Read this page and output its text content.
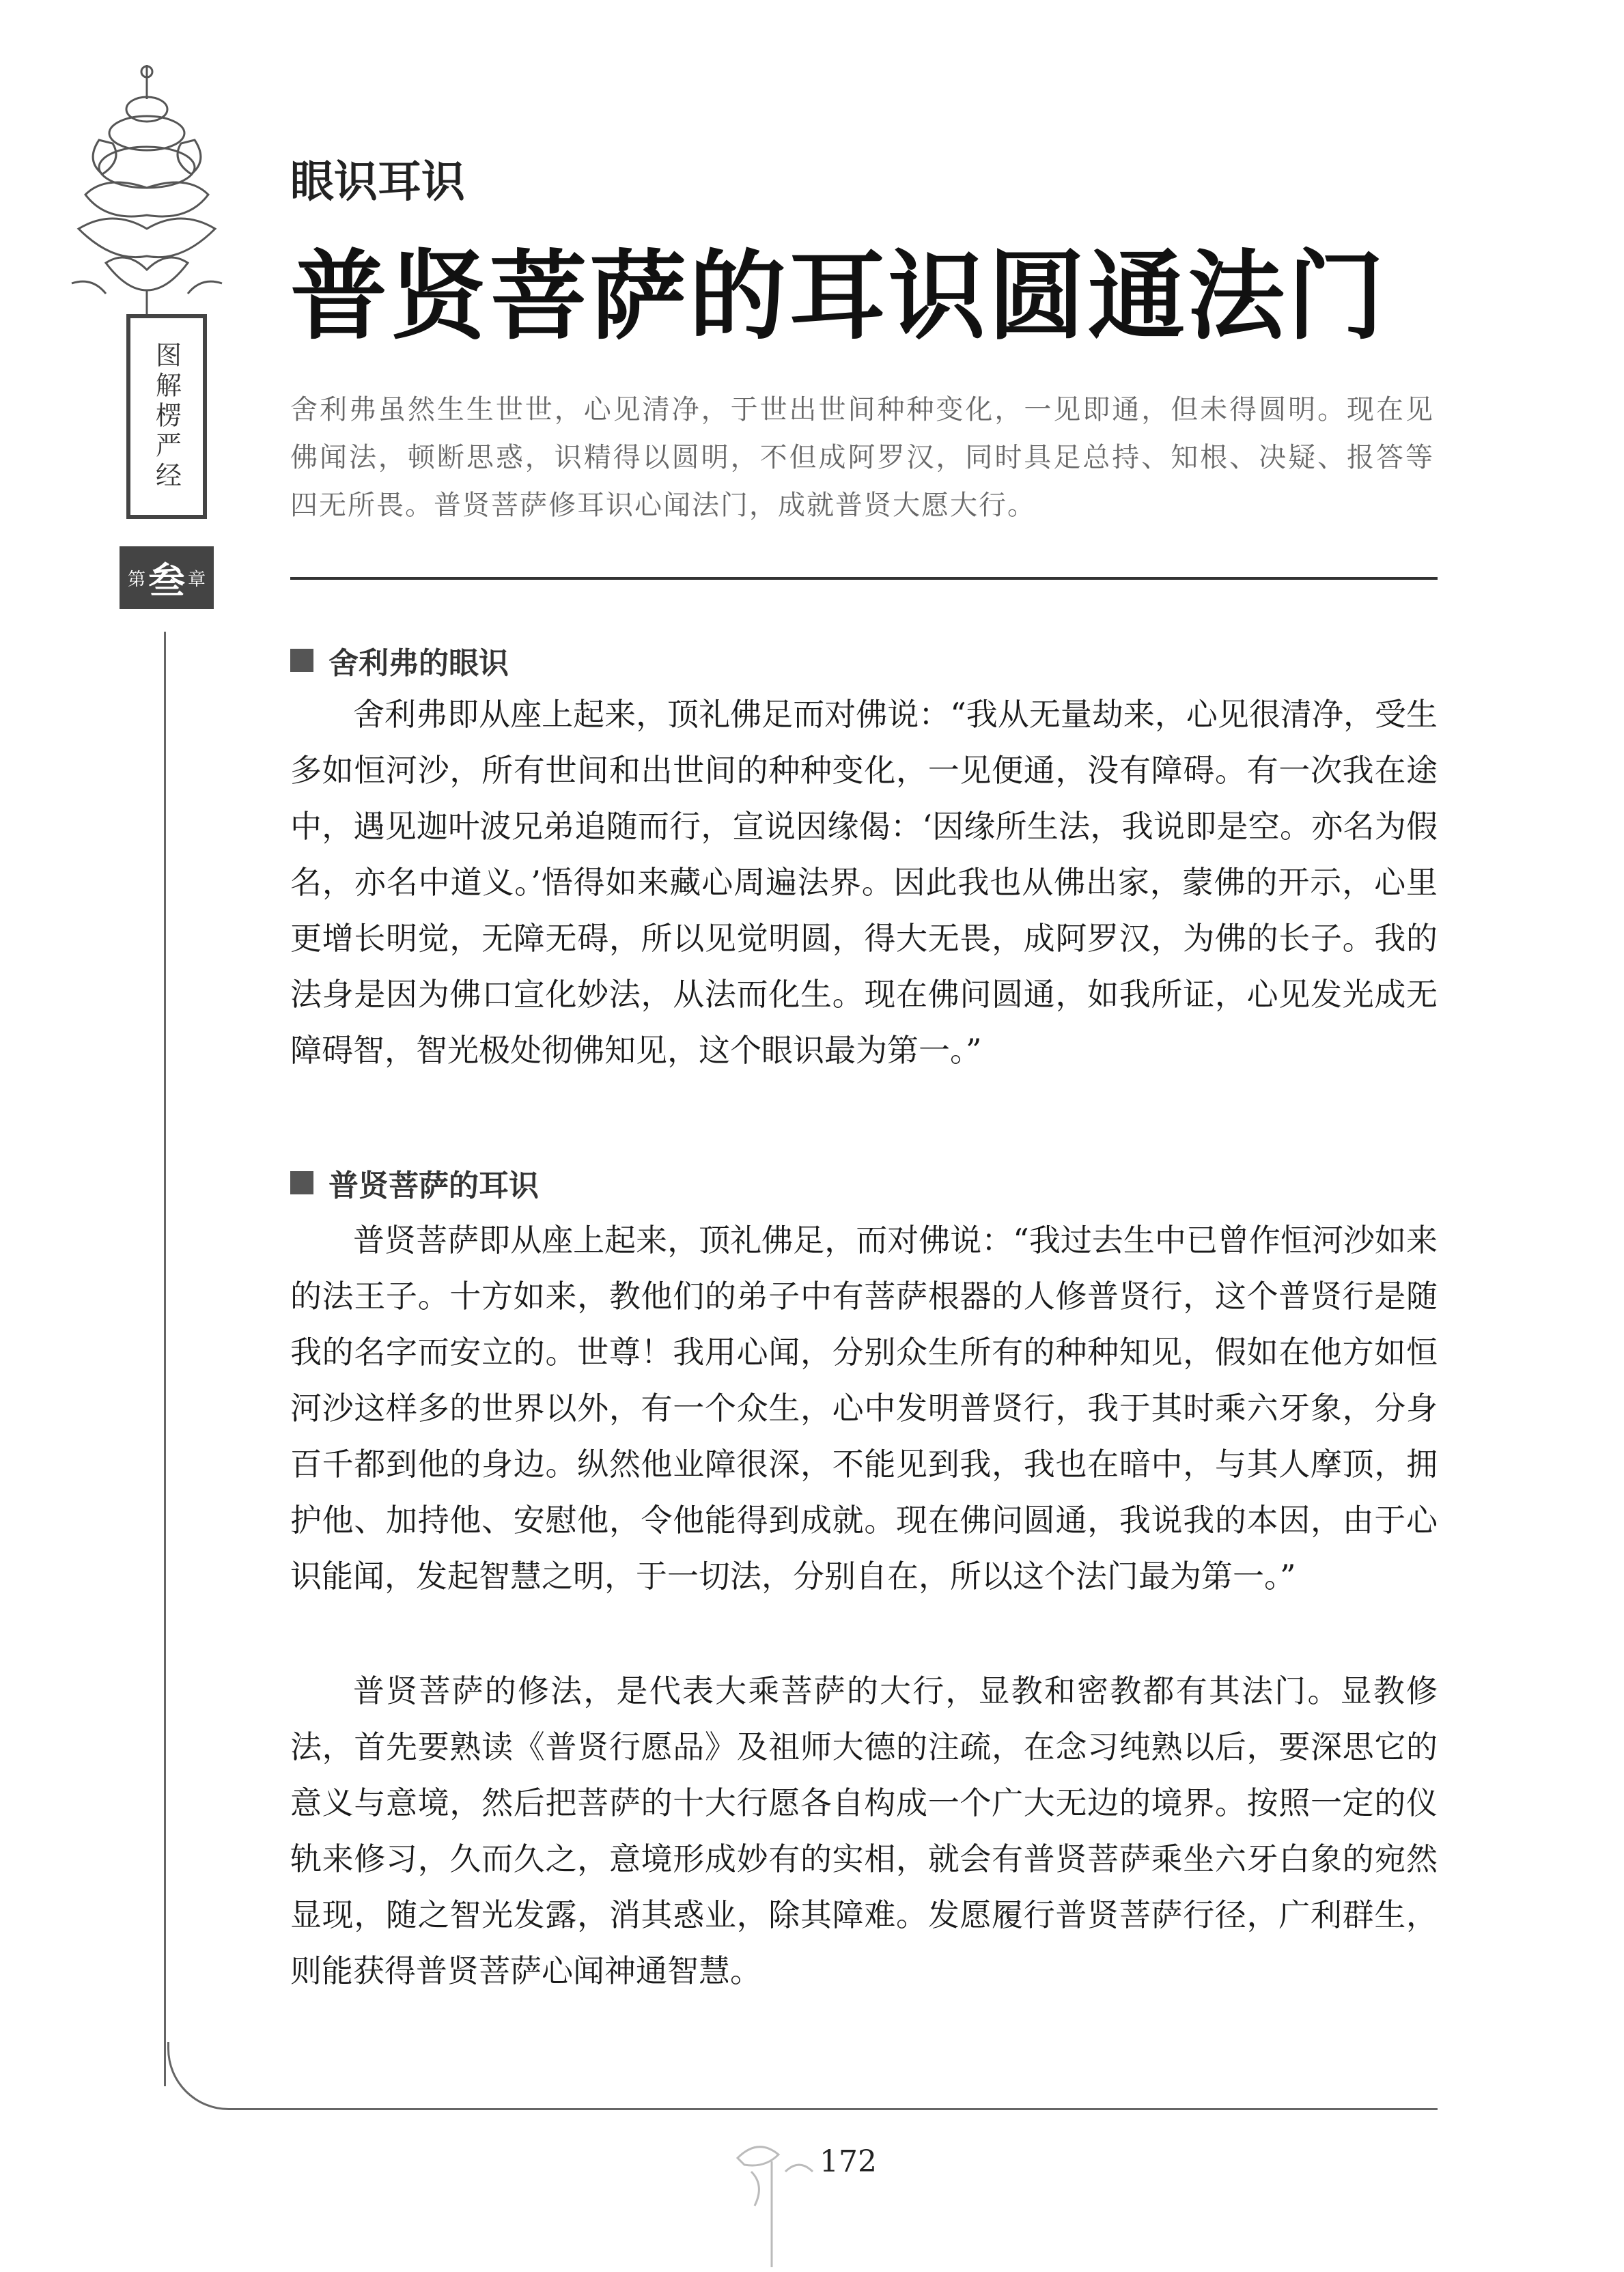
图解楞严经
第 叁 章
眼识耳识
普贤菩萨的耳识圆通法门
舍利弗虽然生生世世，心见清净，于世出世间种种变化，一见即通，但未得圆明。现在见佛闻法，顿断思惑，识精得以圆明，不但成阿罗汉，同时具足总持、知根、决疑、报答等四无所畏。普贤菩萨修耳识心闻法门，成就普贤大愿大行。
舍利弗的眼识
舍利弗即从座上起来，顶礼佛足而对佛说：“我从无量劫来，心见很清净，受生多如恒河沙，所有世间和出世间的种种变化，一见便通，没有障碍。有一次我在途中，遇见迦叶波兄弟追随而行，宣说因缘偈：‘因缘所生法，我说即是空。亦名为假名，亦名中道义。’悟得如来藏心周遍法界。因此我也从佛出家，蒙佛的开示，心里更增长明觉，无障无碍，所以见觉明圆，得大无畏，成阿罗汉，为佛的长子。我的法身是因为佛口宣化妙法，从法而化生。现在佛问圆通，如我所证，心见发光成无障碍智，智光极处彻佛知见，这个眼识最为第一。”
普贤菩萨的耳识
普贤菩萨即从座上起来，顶礼佛足，而对佛说：“我过去生中已曾作恒河沙如来的法王子。十方如来，教他们的弟子中有菩萨根器的人修普贤行，这个普贤行是随我的名字而安立的。世尊！我用心闻，分别众生所有的种种知见，假如在他方如恒河沙这样多的世界以外，有一个众生，心中发明普贤行，我于其时乘六牙象，分身百千都到他的身边。纵然他业障很深，不能见到我，我也在暗中，与其人摩顶，拥护他、加持他、安慰他，令他能得到成就。现在佛问圆通，我说我的本因，由于心识能闻，发起智慧之明，于一切法，分别自在，所以这个法门最为第一。”
普贤菩萨的修法，是代表大乘菩萨的大行，显教和密教都有其法门。显教修法，首先要熟读《普贤行愿品》及祖师大德的注疏，在念习纯熟以后，要深思它的意义与意境，然后把菩萨的十大行愿各自构成一个广大无边的境界。按照一定的仪轨来修习，久而久之，意境形成妙有的实相，就会有普贤菩萨乘坐六牙白象的宛然显现，随之智光发露，消其惑业，除其障难。发愿履行普贤菩萨行径，广利群生，则能获得普贤菩萨心闻神通智慧。
172
